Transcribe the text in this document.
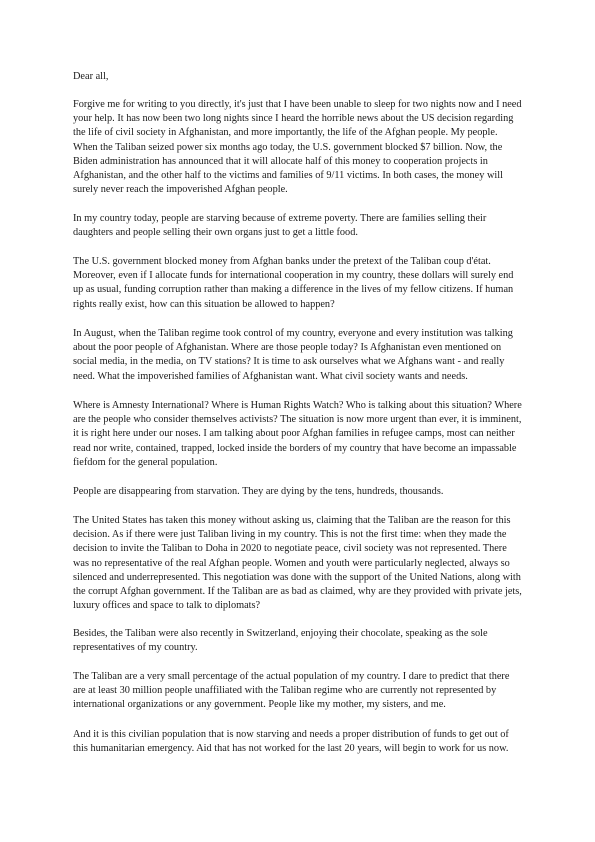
Dear all,

Forgive me for writing to you directly, it's just that I have been unable to sleep for two nights now and I need your help. It has now been two long nights since I heard the horrible news about the US decision regarding the life of civil society in Afghanistan, and more importantly, the life of the Afghan people. My people. When the Taliban seized power six months ago today, the U.S. government blocked $7 billion. Now, the Biden administration has announced that it will allocate half of this money to cooperation projects in Afghanistan, and the other half to the victims and families of 9/11 victims. In both cases, the money will surely never reach the impoverished Afghan people.

In my country today, people are starving because of extreme poverty. There are families selling their daughters and people selling their own organs just to get a little food.

The U.S. government blocked money from Afghan banks under the pretext of the Taliban coup d'état. Moreover, even if I allocate funds for international cooperation in my country, these dollars will surely end up as usual, funding corruption rather than making a difference in the lives of my fellow citizens. If human rights really exist, how can this situation be allowed to happen?

In August, when the Taliban regime took control of my country, everyone and every institution was talking about the poor people of Afghanistan. Where are those people today? Is Afghanistan even mentioned on social media, in the media, on TV stations? It is time to ask ourselves what we Afghans want - and really need. What the impoverished families of Afghanistan want. What civil society wants and needs.

Where is Amnesty International? Where is Human Rights Watch? Who is talking about this situation? Where are the people who consider themselves activists? The situation is now more urgent than ever, it is imminent, it is right here under our noses. I am talking about poor Afghan families in refugee camps, most can neither read nor write, contained, trapped, locked inside the borders of my country that have become an impassable fiefdom for the general population.

People are disappearing from starvation. They are dying by the tens, hundreds, thousands.

The United States has taken this money without asking us, claiming that the Taliban are the reason for this decision. As if there were just Taliban living in my country. This is not the first time: when they made the decision to invite the Taliban to Doha in 2020 to negotiate peace, civil society was not represented. There was no representative of the real Afghan people. Women and youth were particularly neglected, always so silenced and underrepresented. This negotiation was done with the support of the United Nations, along with the corrupt Afghan government. If the Taliban are as bad as claimed, why are they provided with private jets, luxury offices and space to talk to diplomats?

Besides, the Taliban were also recently in Switzerland, enjoying their chocolate, speaking as the sole representatives of my country.

The Taliban are a very small percentage of the actual population of my country. I dare to predict that there are at least 30 million people unaffiliated with the Taliban regime who are currently not represented by international organizations or any government. People like my mother, my sisters, and me.

And it is this civilian population that is now starving and needs a proper distribution of funds to get out of this humanitarian emergency. Aid that has not worked for the last 20 years, will begin to work for us now.
